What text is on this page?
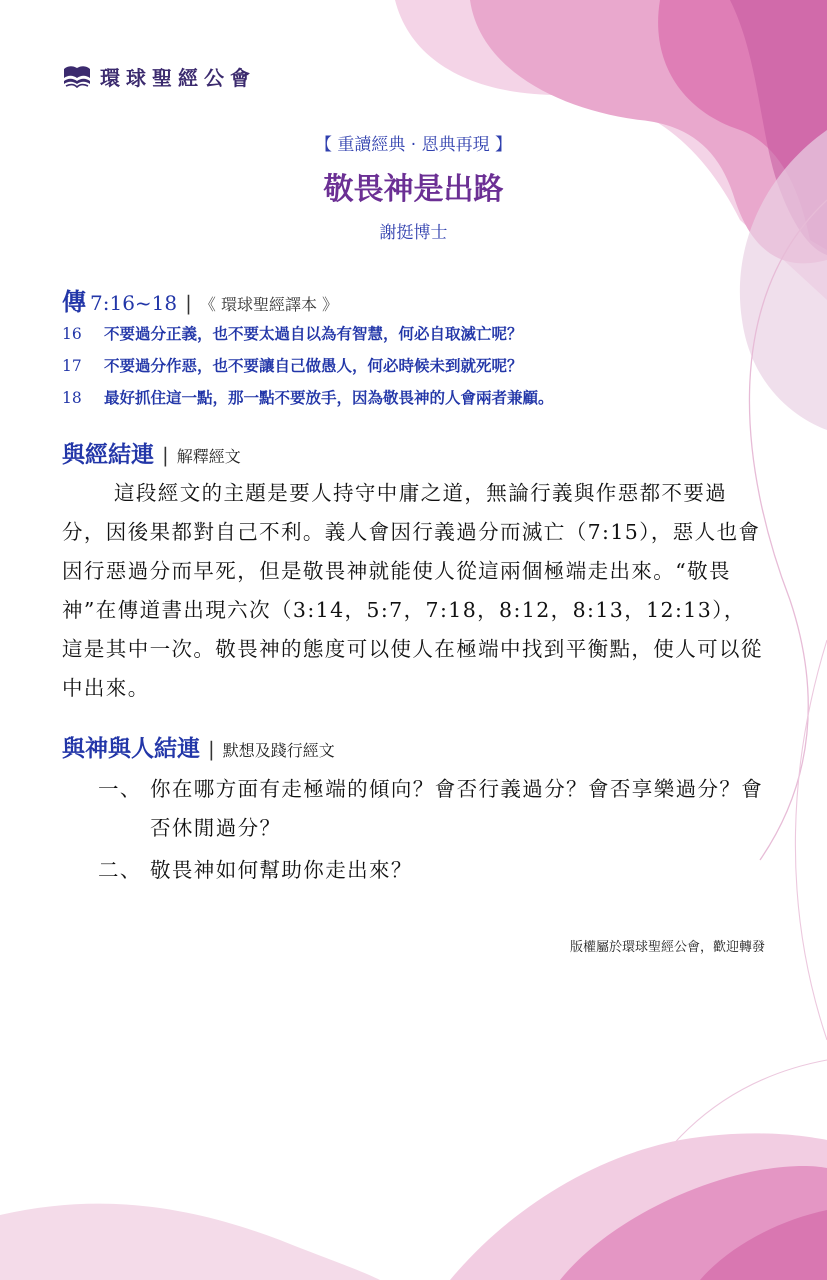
環球聖經公會
【 重讀經典 · 恩典再現 】
敬畏神是出路
謝挺博士
傳 7:16~18 | 《 環球聖經譯本 》
16 不要過分正義，也不要太過自以為有智慧，何必自取滅亡呢？
17 不要過分作惡，也不要讓自己做愚人，何必時候未到就死呢？
18 最好抓住這一點，那一點不要放手，因為敬畏神的人會兩者兼顧。
與經結連 | 解釋經文
這段經文的主題是要人持守中庸之道，無論行義與作惡都不要過分，因後果都對自己不利。義人會因行義過分而滅亡（7:15），惡人也會因行惡過分而早死，但是敬畏神就能使人從這兩個極端走出來。“敬畏神”在傳道書出現六次（3:14，5:7，7:18，8:12，8:13，12:13），這是其中一次。敬畏神的態度可以使人在極端中找到平衡點，使人可以從中出來。
與神與人結連 | 默想及踐行經文
一、 你在哪方面有走極端的傾向？會否行義過分？會否享樂過分？會否休閒過分？
二、 敬畏神如何幫助你走出來？
版權屬於環球聖經公會，歡迎轉發
